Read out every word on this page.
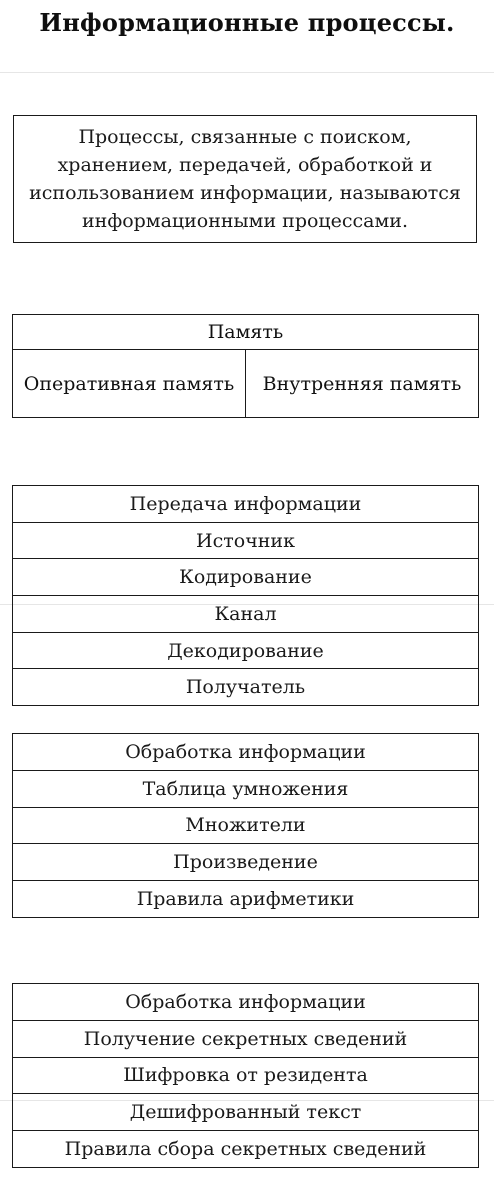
Информационные процессы.
Процессы, связанные с поиском, хранением, передачей, обработкой и использованием информации, называются информационными процессами.
Память
Оперативная память	Внутренняя память
Передача информации
Источник
Кодирование
Канал
Декодирование
Получатель
Обработка информации
Таблица умножения
Множители
Произведение
Правила арифметики
Обработка информации
Получение секретных сведений
Шифровка от резидента
Дешифрованный текст
Правила сбора секретных сведений
